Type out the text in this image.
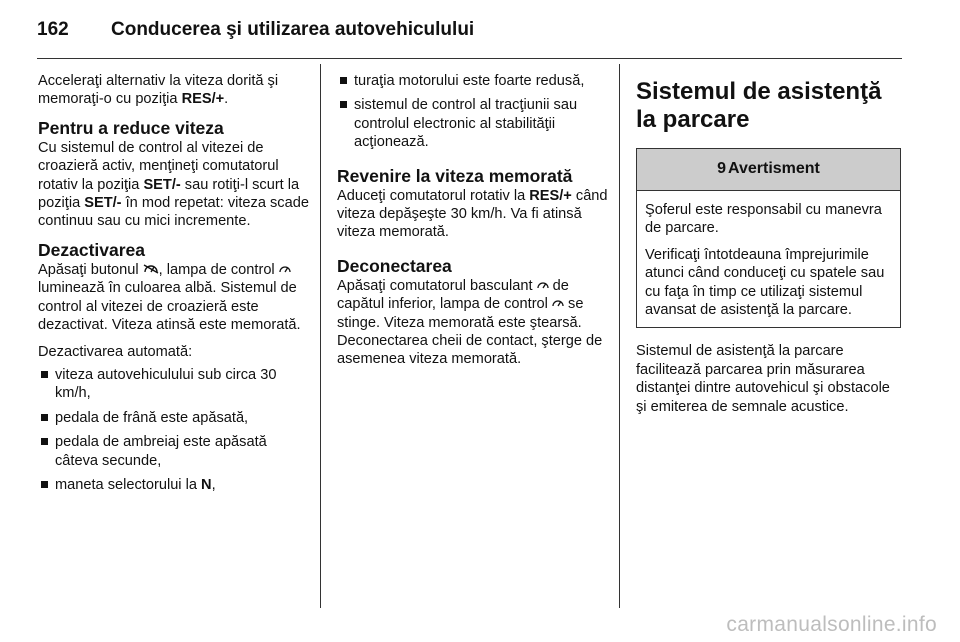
162	Conducerea şi utilizarea autovehiculului

Acceleraţi alternativ la viteza dorită şi memoraţi-o cu poziţia RES/+.

Pentru a reduce viteza

Cu sistemul de control al vitezei de croazieră activ, menţineţi comutatorul rotativ la poziţia SET/- sau rotiţi-l scurt la poziţia SET/- în mod repetat: viteza scade continuu sau cu mici incremente.

Dezactivarea

Apăsaţi butonul , lampa de control  luminează în culoarea albă. Sistemul de control al vitezei de croazieră este dezactivat. Viteza atinsă este memorată.

Dezactivarea automată:

viteza autovehiculului sub circa 30 km/h,
pedala de frână este apăsată,
pedala de ambreiaj este apăsată câteva secunde,
maneta selectorului la N,
turaţia motorului este foarte redusă,
sistemul de control al tracţiunii sau controlul electronic al stabilităţii acţionează.
Revenire la viteza memorată

Aduceţi comutatorul rotativ la RES/+ când viteza depăşeşte 30 km/h. Va fi atinsă viteza memorată.

Deconectarea

Apăsaţi comutatorul basculant  de capătul inferior, lampa de control  se stinge. Viteza memorată este ştearsă. Deconectarea cheii de contact, şterge de asemenea viteza memorată.

Sistemul de asistenţă la parcare
9 Avertisment

Şoferul este responsabil cu manevra de parcare.

Verificaţi întotdeauna împrejurimile atunci când conduceţi cu spatele sau cu faţa în timp ce utilizaţi sistemul avansat de asistenţă la parcare.

Sistemul de asistenţă la parcare facilitează parcarea prin măsurarea distanţei dintre autovehicul şi obstacole şi emiterea de semnale acustice.

carmanualsonline.info
